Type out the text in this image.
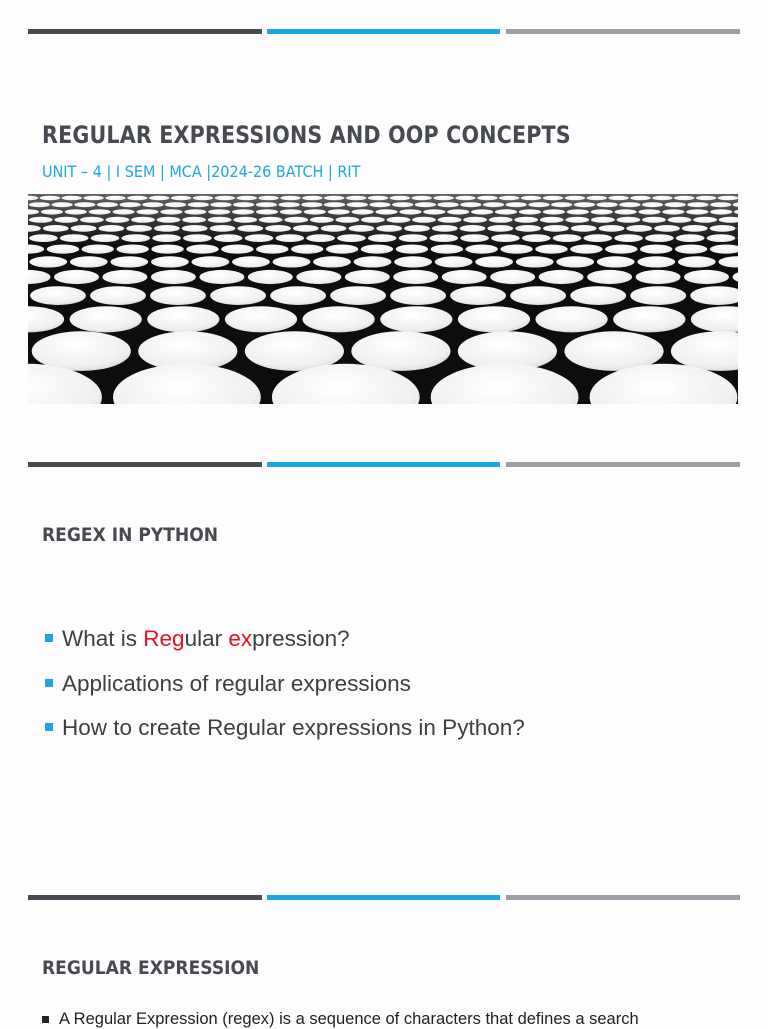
REGULAR EXPRESSIONS AND OOP CONCEPTS
UNIT – 4 | I SEM | MCA |2024-26 BATCH | RIT
REGEX IN PYTHON
What is Regular expression?
Applications of regular expressions
How to create Regular expressions in Python?
REGULAR EXPRESSION
A Regular Expression (regex) is a sequence of characters that defines a search
